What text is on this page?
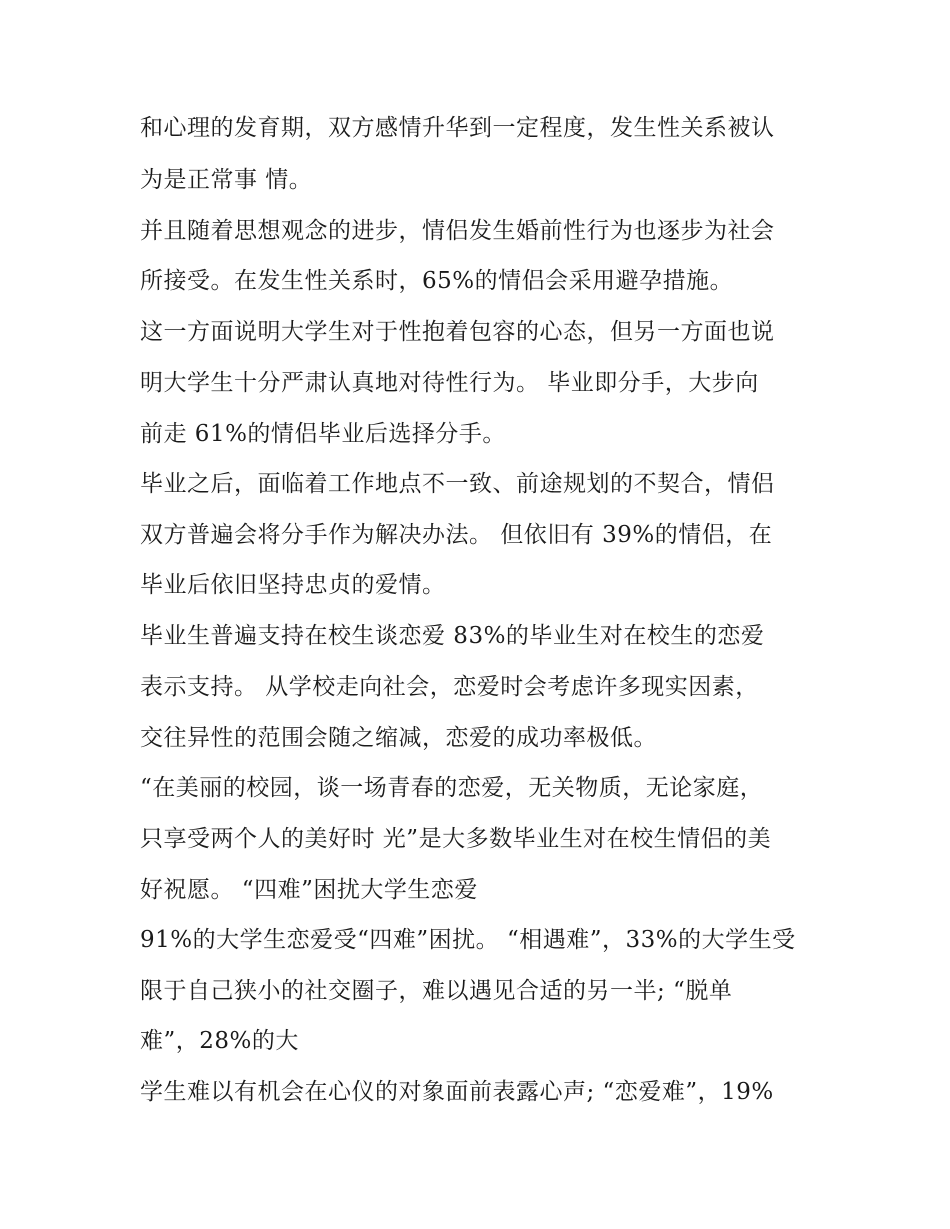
和心理的发育期，双方感情升华到一定程度，发生性关系被认
为是正常事 情。
并且随着思想观念的进步，情侣发生婚前性行为也逐步为社会
所接受。在发生性关系时，65%的情侣会采用避孕措施。
这一方面说明大学生对于性抱着包容的心态，但另一方面也说
明大学生十分严肃认真地对待性行为。 毕业即分手，大步向
前走 61%的情侣毕业后选择分手。
毕业之后，面临着工作地点不一致、前途规划的不契合，情侣
双方普遍会将分手作为解决办法。 但依旧有 39%的情侣，在
毕业后依旧坚持忠贞的爱情。
毕业生普遍支持在校生谈恋爱 83%的毕业生对在校生的恋爱
表示支持。 从学校走向社会，恋爱时会考虑许多现实因素，
交往异性的范围会随之缩减，恋爱的成功率极低。
“在美丽的校园，谈一场青春的恋爱，无关物质，无论家庭，
只享受两个人的美好时 光”是大多数毕业生对在校生情侣的美
好祝愿。 “四难”困扰大学生恋爱
91%的大学生恋爱受“四难”困扰。 “相遇难”，33%的大学生受
限于自己狭小的社交圈子，难以遇见合适的另一半; “脱单
难”，28%的大
学生难以有机会在心仪的对象面前表露心声; “恋爱难”，19%
